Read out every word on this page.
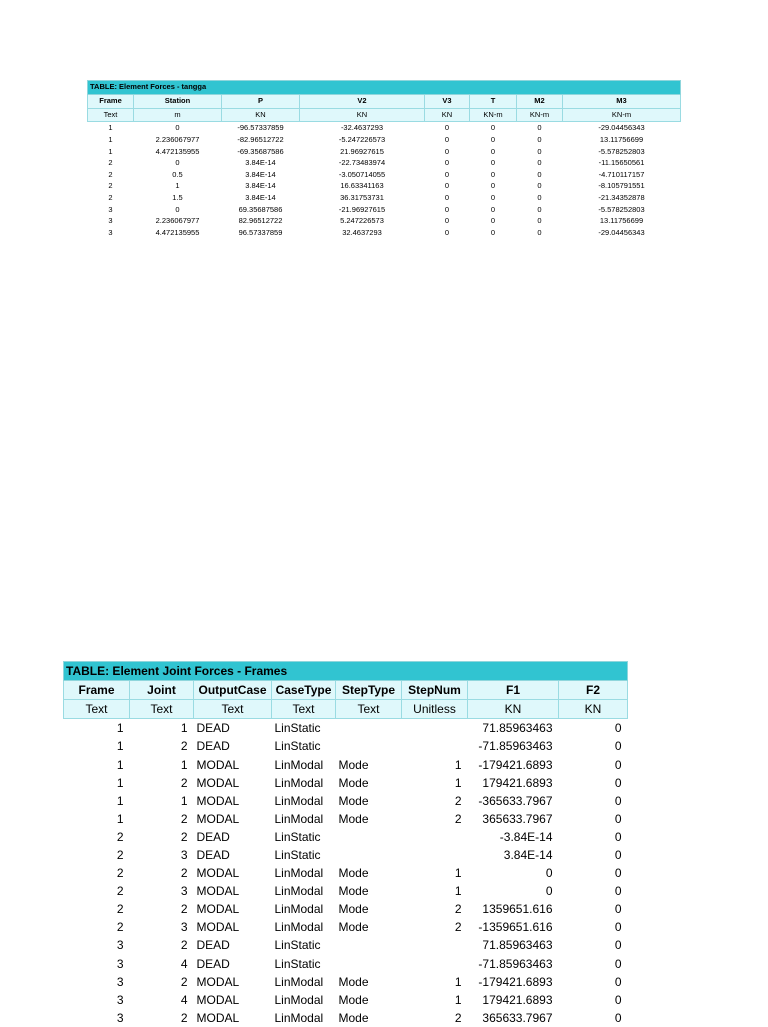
TABLE: Element Forces - tangga							
Frame	Station	P	V2	V3	T	M2	M3
Text	m	KN	KN	KN	KN-m	KN-m	KN-m
1	0	-96.57337859	-32.4637293	0	0	0	-29.04456343
1	2.236067977	-82.96512722	-5.247226573	0	0	0	13.11756699
1	4.472135955	-69.35687586	21.96927615	0	0	0	-5.578252803
2	0	3.84E-14	-22.73483974	0	0	0	-11.15650561
2	0.5	3.84E-14	-3.050714055	0	0	0	-4.710117157
2	1	3.84E-14	16.63341163	0	0	0	-8.105791551
2	1.5	3.84E-14	36.31753731	0	0	0	-21.34352878
3	0	69.35687586	-21.96927615	0	0	0	-5.578252803
3	2.236067977	82.96512722	5.247226573	0	0	0	13.11756699
3	4.472135955	96.57337859	32.4637293	0	0	0	-29.04456343
TABLE: Element Joint Forces - Frames							
Frame	Joint	OutputCase	CaseType	StepType	StepNum	F1	F2
Text	Text	Text	Text	Text	Unitless	KN	KN
1	1	DEAD	LinStatic			71.85963463	0
1	2	DEAD	LinStatic			-71.85963463	0
1	1	MODAL	LinModal	Mode	1	-179421.6893	0
1	2	MODAL	LinModal	Mode	1	179421.6893	0
1	1	MODAL	LinModal	Mode	2	-365633.7967	0
1	2	MODAL	LinModal	Mode	2	365633.7967	0
2	2	DEAD	LinStatic			-3.84E-14	0
2	3	DEAD	LinStatic			3.84E-14	0
2	2	MODAL	LinModal	Mode	1	0	0
2	3	MODAL	LinModal	Mode	1	0	0
2	2	MODAL	LinModal	Mode	2	1359651.616	0
2	3	MODAL	LinModal	Mode	2	-1359651.616	0
3	2	DEAD	LinStatic			71.85963463	0
3	4	DEAD	LinStatic			-71.85963463	0
3	2	MODAL	LinModal	Mode	1	-179421.6893	0
3	4	MODAL	LinModal	Mode	1	179421.6893	0
3	2	MODAL	LinModal	Mode	2	365633.7967	0
